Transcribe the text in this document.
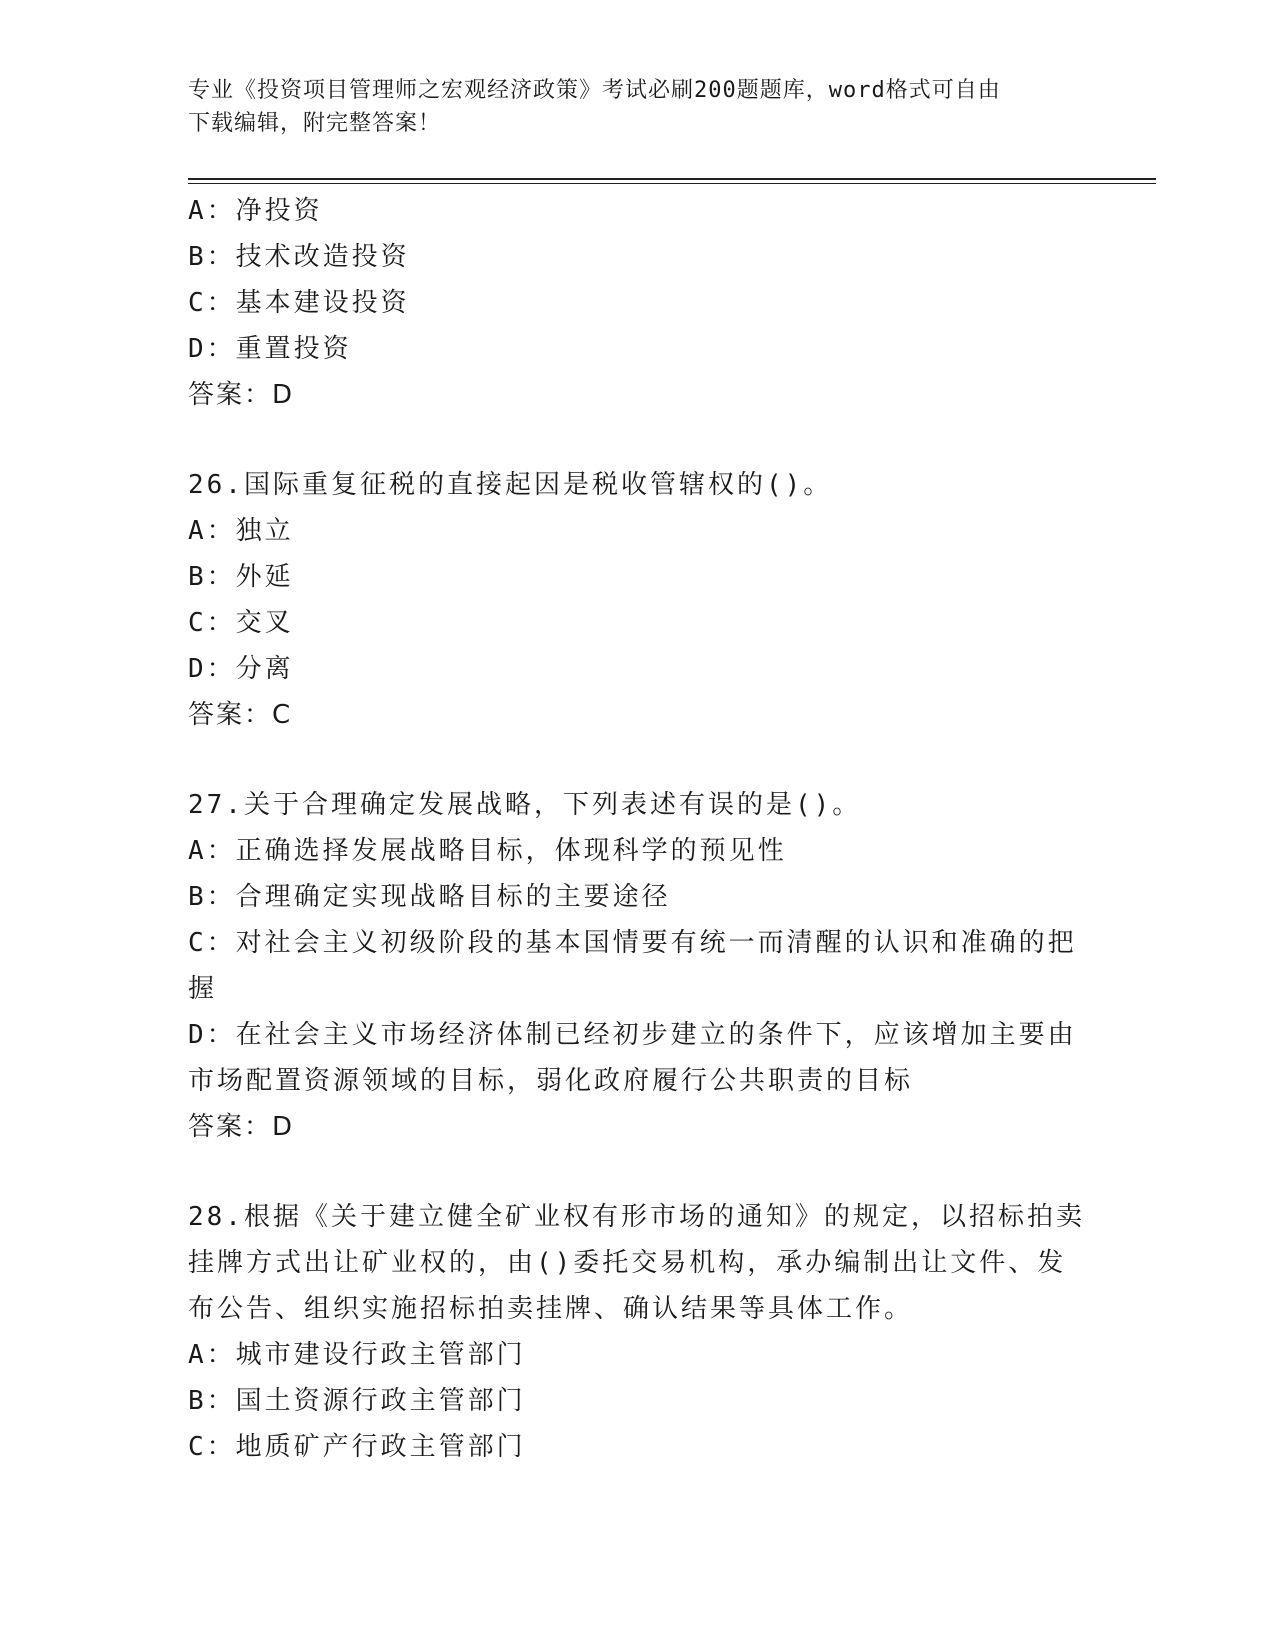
专业《投资项目管理师之宏观经济政策》考试必刷200题题库，word格式可自由
下载编辑，附完整答案！
A：净投资
B：技术改造投资
C：基本建设投资
D：重置投资
答案：D
26.国际重复征税的直接起因是税收管辖权的()。
A：独立
B：外延
C：交叉
D：分离
答案：C
27.关于合理确定发展战略，下列表述有误的是()。
A：正确选择发展战略目标，体现科学的预见性
B：合理确定实现战略目标的主要途径
C：对社会主义初级阶段的基本国情要有统一而清醒的认识和准确的把握
D：在社会主义市场经济体制已经初步建立的条件下，应该增加主要由市场配置资源领域的目标，弱化政府履行公共职责的目标
答案：D
28.根据《关于建立健全矿业权有形市场的通知》的规定，以招标拍卖挂牌方式出让矿业权的，由()委托交易机构，承办编制出让文件、发布公告、组织实施招标拍卖挂牌、确认结果等具体工作。
A：城市建设行政主管部门
B：国土资源行政主管部门
C：地质矿产行政主管部门
